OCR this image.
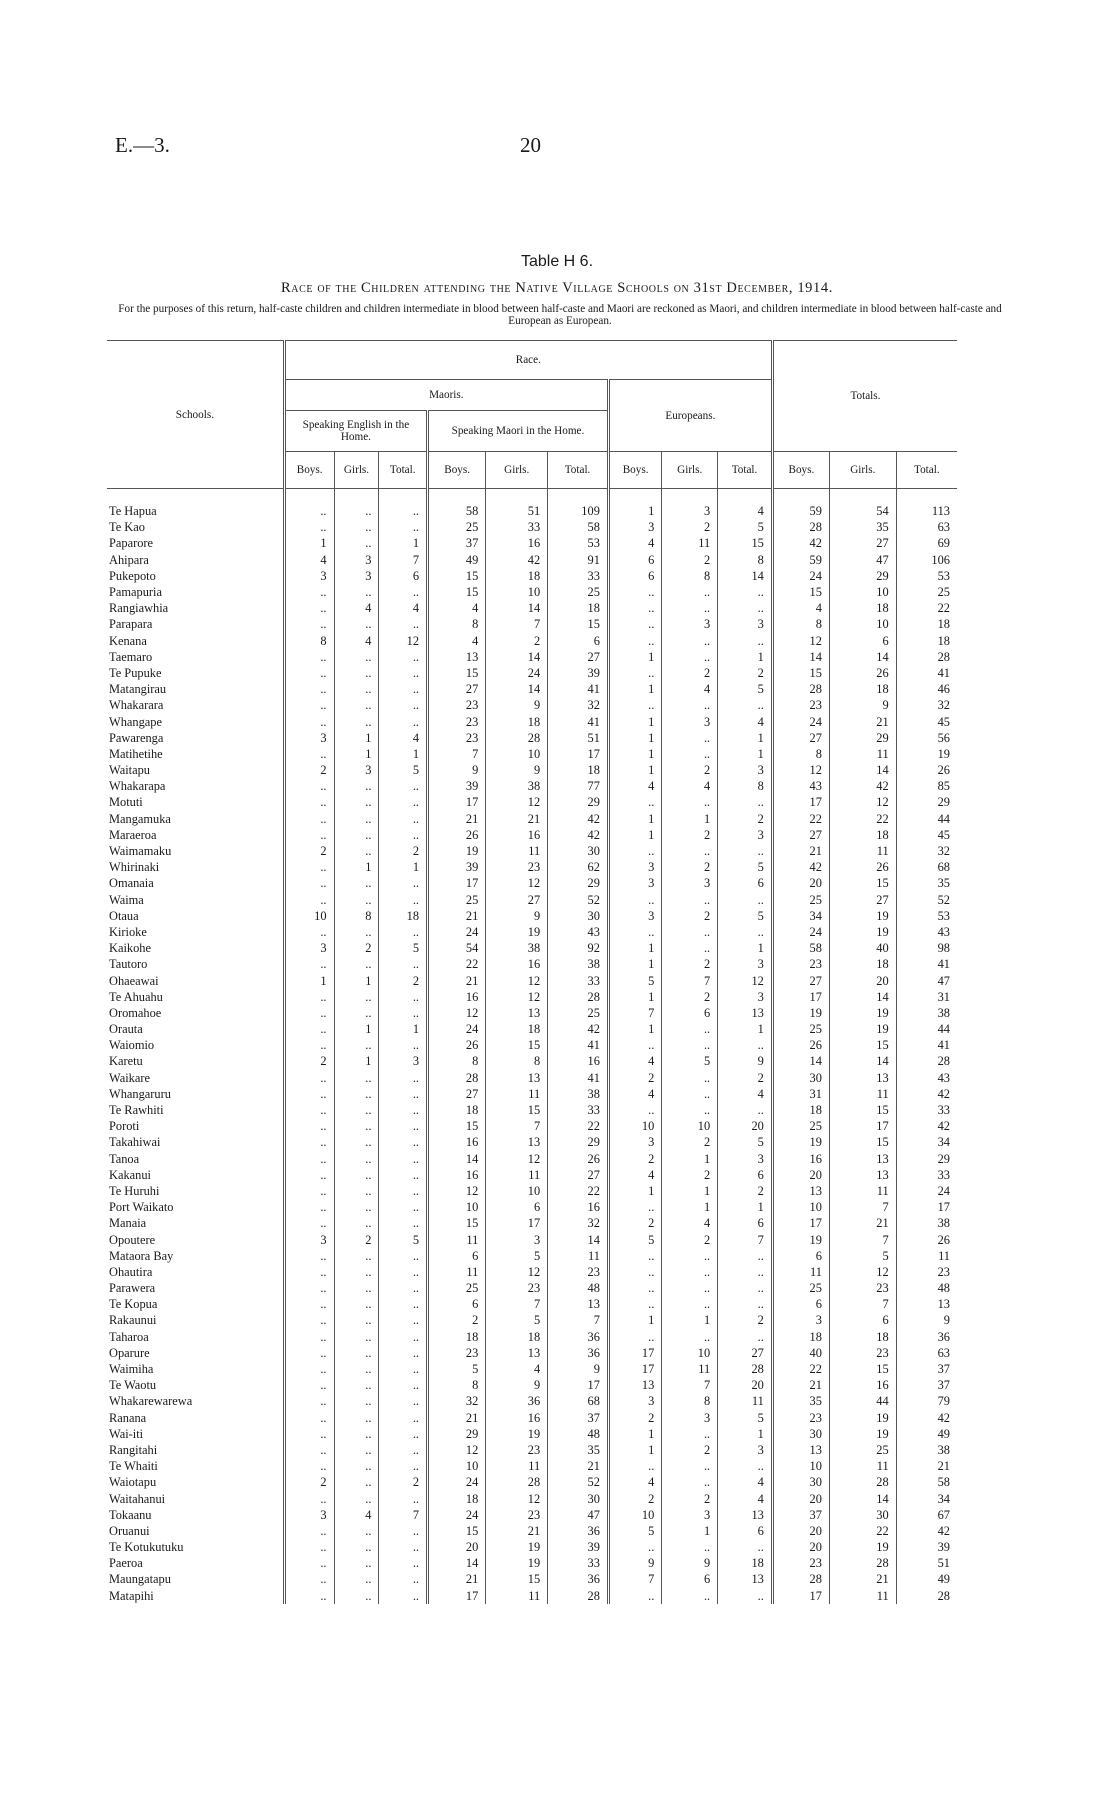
E.—3.	20
Table H 6.
Race of the Children attending the Native Village Schools on 31st December, 1914.
For the purposes of this return, half-caste children and children intermediate in blood between half-caste and Maori are reckoned as Maori, and children intermediate in blood between half-caste and European as European.
Schools.	Race.									Totals.		
	Maoris.						Europeans.					
	Speaking English in the Home.			Speaking Maori in the Home.								
	Boys.	Girls.	Total.	Boys.	Girls.	Total.	Boys.	Girls.	Total.	Boys.	Girls.	Total.
Te Hapua	..	..	..	58	51	109	1	3	4	59	54	113
Te Kao	..	..	..	25	33	58	3	2	5	28	35	63
Paparore	1	..	1	37	16	53	4	11	15	42	27	69
Ahipara	4	3	7	49	42	91	6	2	8	59	47	106
Pukepoto	3	3	6	15	18	33	6	8	14	24	29	53
Pamapuria	..	..	..	15	10	25	..	..	..	15	10	25
Rangiawhia	..	4	4	4	14	18	..	..	..	4	18	22
Parapara	..	..	..	8	7	15	..	3	3	8	10	18
Kenana	8	4	12	4	2	6	..	..	..	12	6	18
Taemaro	..	..	..	13	14	27	1	..	1	14	14	28
Te Pupuke	..	..	..	15	24	39	..	2	2	15	26	41
Matangirau	..	..	..	27	14	41	1	4	5	28	18	46
Whakarara	..	..	..	23	9	32	..	..	..	23	9	32
Whangape	..	..	..	23	18	41	1	3	4	24	21	45
Pawarenga	3	1	4	23	28	51	1	..	1	27	29	56
Matihetihe	..	1	1	7	10	17	1	..	1	8	11	19
Waitapu	2	3	5	9	9	18	1	2	3	12	14	26
Whakarapa	..	..	..	39	38	77	4	4	8	43	42	85
Motuti	..	..	..	17	12	29	..	..	..	17	12	29
Mangamuka	..	..	..	21	21	42	1	1	2	22	22	44
Maraeroa	..	..	..	26	16	42	1	2	3	27	18	45
Waimamaku	2	..	2	19	11	30	..	..	..	21	11	32
Whirinaki	..	1	1	39	23	62	3	2	5	42	26	68
Omanaia	..	..	..	17	12	29	3	3	6	20	15	35
Waima	..	..	..	25	27	52	..	..	..	25	27	52
Otaua	10	8	18	21	9	30	3	2	5	34	19	53
Kirioke	..	..	..	24	19	43	..	..	..	24	19	43
Kaikohe	3	2	5	54	38	92	1	..	1	58	40	98
Tautoro	..	..	..	22	16	38	1	2	3	23	18	41
Ohaeawai	1	1	2	21	12	33	5	7	12	27	20	47
Te Ahuahu	..	..	..	16	12	28	1	2	3	17	14	31
Oromahoe	..	..	..	12	13	25	7	6	13	19	19	38
Orauta	..	1	1	24	18	42	1	..	1	25	19	44
Waiomio	..	..	..	26	15	41	..	..	..	26	15	41
Karetu	2	1	3	8	8	16	4	5	9	14	14	28
Waikare	..	..	..	28	13	41	2	..	2	30	13	43
Whangaruru	..	..	..	27	11	38	4	..	4	31	11	42
Te Rawhiti	..	..	..	18	15	33	..	..	..	18	15	33
Poroti	..	..	..	15	7	22	10	10	20	25	17	42
Takahiwai	..	..	..	16	13	29	3	2	5	19	15	34
Tanoa	..	..	..	14	12	26	2	1	3	16	13	29
Kakanui	..	..	..	16	11	27	4	2	6	20	13	33
Te Huruhi	..	..	..	12	10	22	1	1	2	13	11	24
Port Waikato	..	..	..	10	6	16	..	1	1	10	7	17
Manaia	..	..	..	15	17	32	2	4	6	17	21	38
Opoutere	3	2	5	11	3	14	5	2	7	19	7	26
Mataora Bay	..	..	..	6	5	11	..	..	..	6	5	11
Ohautira	..	..	..	11	12	23	..	..	..	11	12	23
Parawera	..	..	..	25	23	48	..	..	..	25	23	48
Te Kopua	..	..	..	6	7	13	..	..	..	6	7	13
Rakaunui	..	..	..	2	5	7	1	1	2	3	6	9
Taharoa	..	..	..	18	18	36	..	..	..	18	18	36
Oparure	..	..	..	23	13	36	17	10	27	40	23	63
Waimiha	..	..	..	5	4	9	17	11	28	22	15	37
Te Waotu	..	..	..	8	9	17	13	7	20	21	16	37
Whakarewarewa	..	..	..	32	36	68	3	8	11	35	44	79
Ranana	..	..	..	21	16	37	2	3	5	23	19	42
Wai-iti	..	..	..	29	19	48	1	..	1	30	19	49
Rangitahi	..	..	..	12	23	35	1	2	3	13	25	38
Te Whaiti	..	..	..	10	11	21	..	..	..	10	11	21
Waiotapu	2	..	2	24	28	52	4	..	4	30	28	58
Waitahanui	..	..	..	18	12	30	2	2	4	20	14	34
Tokaanu	3	4	7	24	23	47	10	3	13	37	30	67
Oruanui	..	..	..	15	21	36	5	1	6	20	22	42
Te Kotukutuku	..	..	..	20	19	39	..	..	..	20	19	39
Paeroa	..	..	..	14	19	33	9	9	18	23	28	51
Maungatapu	..	..	..	21	15	36	7	6	13	28	21	49
Matapihi	..	..	..	17	11	28	..	..	..	17	11	28
